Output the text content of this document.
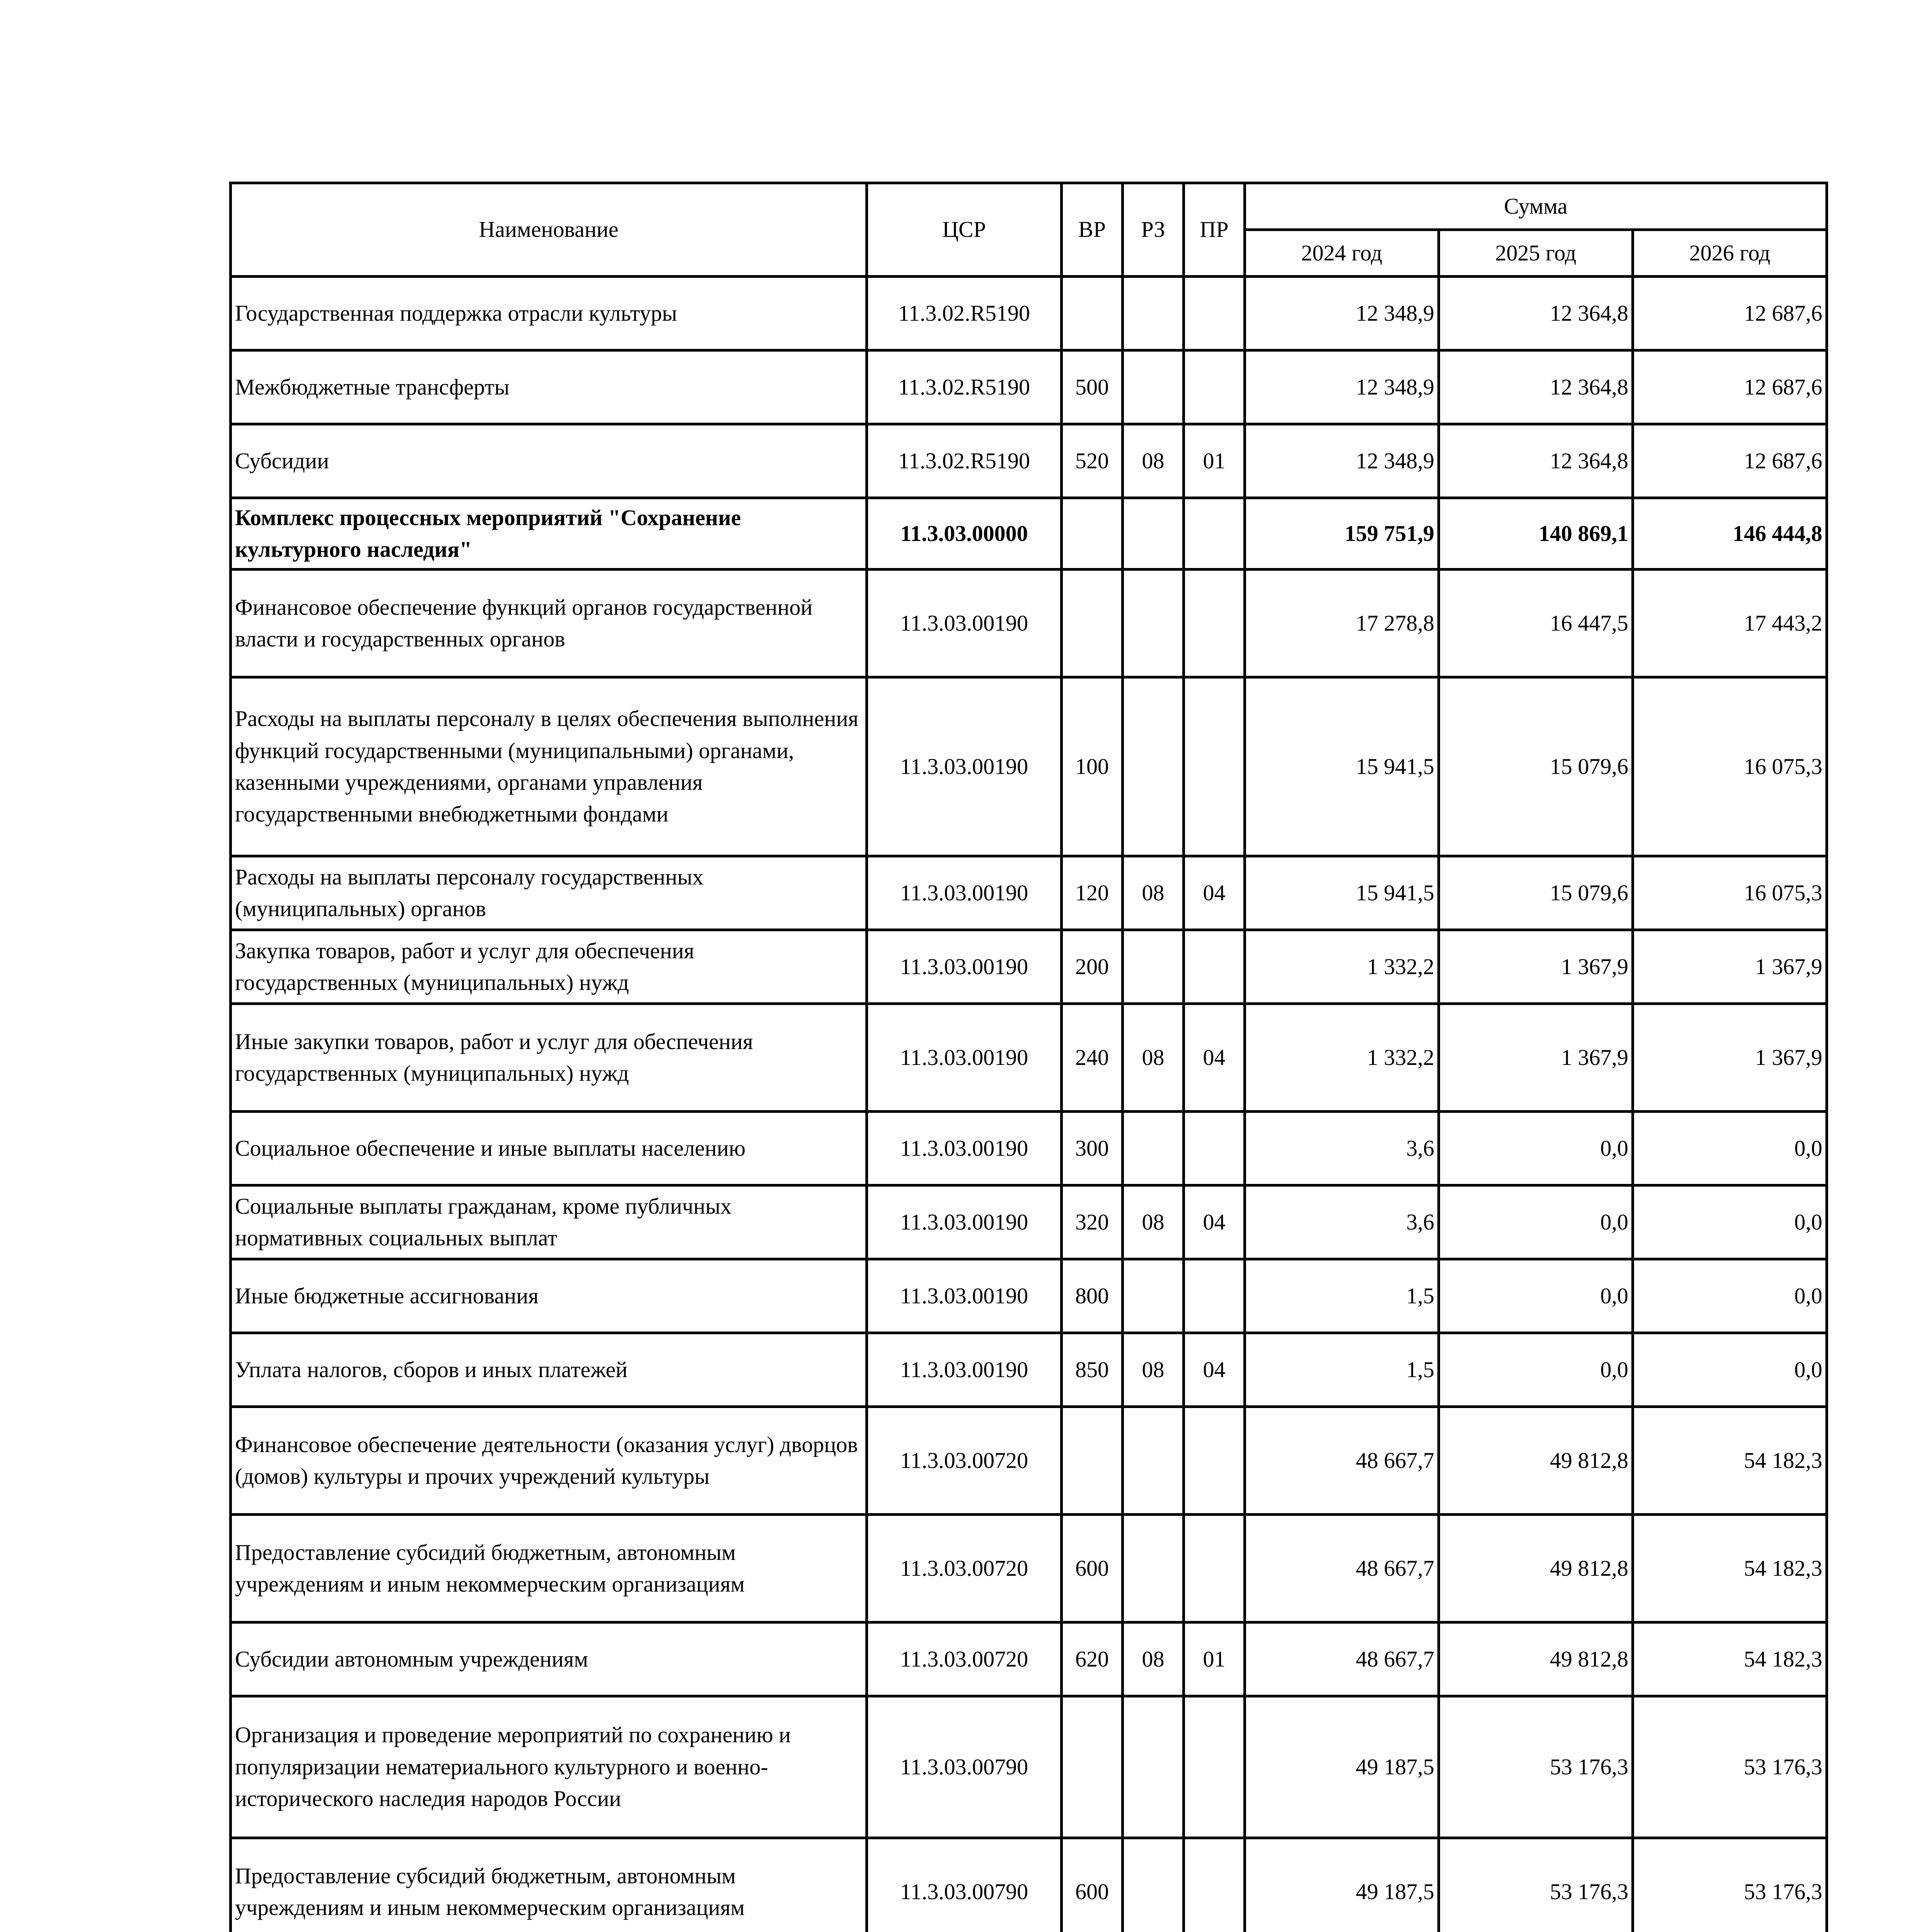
Наименование	ЦСР	ВР	РЗ	ПР	Сумма		
					2024 год	2025 год	2026 год
Государственная поддержка отрасли культуры	11.3.02.R5190				12 348,9	12 364,8	12 687,6
Межбюджетные трансферты	11.3.02.R5190	500			12 348,9	12 364,8	12 687,6
Субсидии	11.3.02.R5190	520	08	01	12 348,9	12 364,8	12 687,6
Комплекс процессных мероприятий "Сохранение культурного наследия"	11.3.03.00000				159 751,9	140 869,1	146 444,8
Финансовое обеспечение функций органов государственной власти и государственных органов	11.3.03.00190				17 278,8	16 447,5	17 443,2
Расходы на выплаты персоналу в целях обеспечения выполнения функций государственными (муниципальными) органами, казенными учреждениями, органами управления государственными внебюджетными фондами	11.3.03.00190	100			15 941,5	15 079,6	16 075,3
Расходы на выплаты персоналу государственных (муниципальных) органов	11.3.03.00190	120	08	04	15 941,5	15 079,6	16 075,3
Закупка товаров, работ и услуг для обеспечения государственных (муниципальных) нужд	11.3.03.00190	200			1 332,2	1 367,9	1 367,9
Иные закупки товаров, работ и услуг для обеспечения государственных (муниципальных) нужд	11.3.03.00190	240	08	04	1 332,2	1 367,9	1 367,9
Социальное обеспечение и иные выплаты населению	11.3.03.00190	300			3,6	0,0	0,0
Социальные выплаты гражданам, кроме публичных нормативных социальных выплат	11.3.03.00190	320	08	04	3,6	0,0	0,0
Иные бюджетные ассигнования	11.3.03.00190	800			1,5	0,0	0,0
Уплата налогов, сборов и иных платежей	11.3.03.00190	850	08	04	1,5	0,0	0,0
Финансовое обеспечение деятельности (оказания услуг) дворцов (домов) культуры и прочих учреждений культуры	11.3.03.00720				48 667,7	49 812,8	54 182,3
Предоставление субсидий бюджетным, автономным учреждениям и иным некоммерческим организациям	11.3.03.00720	600			48 667,7	49 812,8	54 182,3
Субсидии автономным учреждениям	11.3.03.00720	620	08	01	48 667,7	49 812,8	54 182,3
Организация и проведение мероприятий по сохранению и популяризации нематериального культурного и военно-исторического наследия народов России	11.3.03.00790				49 187,5	53 176,3	53 176,3
Предоставление субсидий бюджетным, автономным учреждениям и иным некоммерческим организациям	11.3.03.00790	600			49 187,5	53 176,3	53 176,3
